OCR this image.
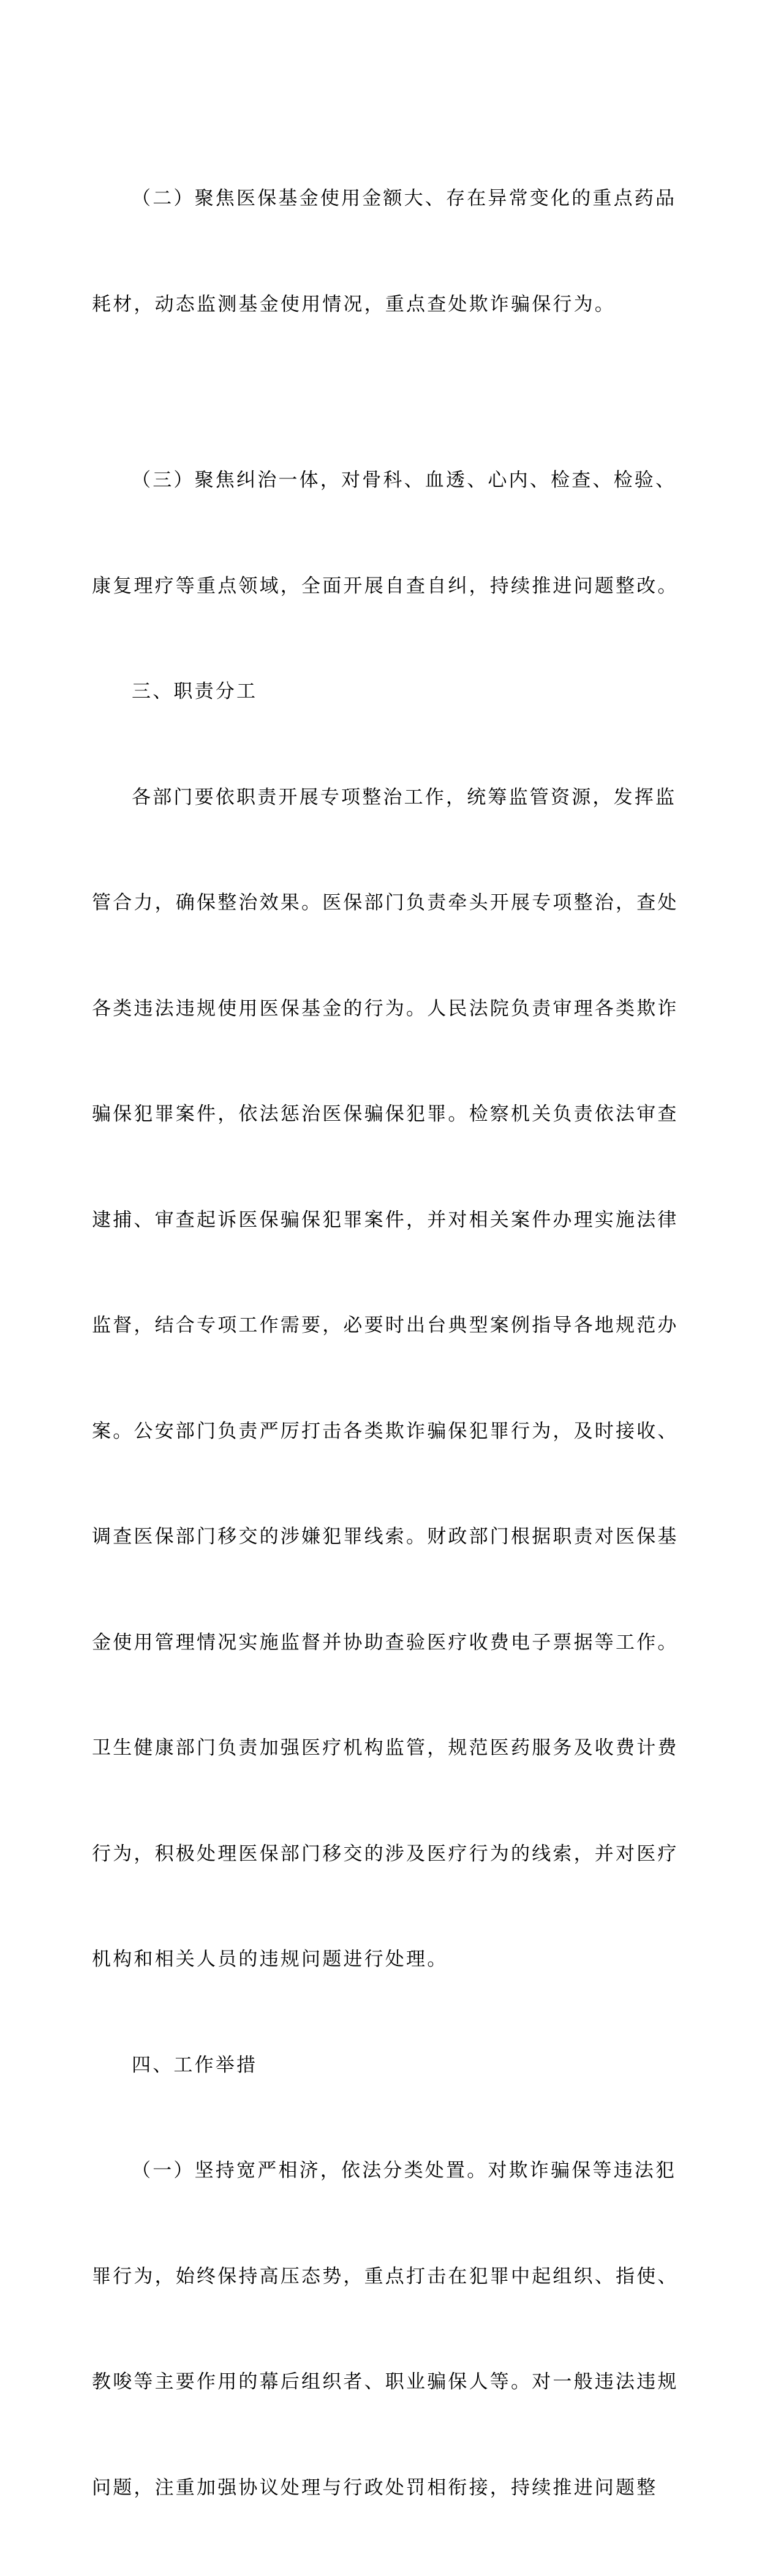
（二）聚焦医保基金使用金额大、存在异常变化的重点药品

耗材，动态监测基金使用情况，重点查处欺诈骗保行为。

（三）聚焦纠治一体，对骨科、血透、心内、检查、检验、

康复理疗等重点领域，全面开展自查自纠，持续推进问题整改。

三、职责分工

各部门要依职责开展专项整治工作，统筹监管资源，发挥监

管合力，确保整治效果。医保部门负责牵头开展专项整治，查处

各类违法违规使用医保基金的行为。人民法院负责审理各类欺诈

骗保犯罪案件，依法惩治医保骗保犯罪。检察机关负责依法审查

逮捕、审查起诉医保骗保犯罪案件，并对相关案件办理实施法律

监督，结合专项工作需要，必要时出台典型案例指导各地规范办

案。公安部门负责严厉打击各类欺诈骗保犯罪行为，及时接收、

调查医保部门移交的涉嫌犯罪线索。财政部门根据职责对医保基

金使用管理情况实施监督并协助查验医疗收费电子票据等工作。

卫生健康部门负责加强医疗机构监管，规范医药服务及收费计费

行为，积极处理医保部门移交的涉及医疗行为的线索，并对医疗

机构和相关人员的违规问题进行处理。

四、工作举措

（一）坚持宽严相济，依法分类处置。对欺诈骗保等违法犯

罪行为，始终保持高压态势，重点打击在犯罪中起组织、指使、

教唆等主要作用的幕后组织者、职业骗保人等。对一般违法违规

问题，注重加强协议处理与行政处罚相衔接，持续推进问题整
